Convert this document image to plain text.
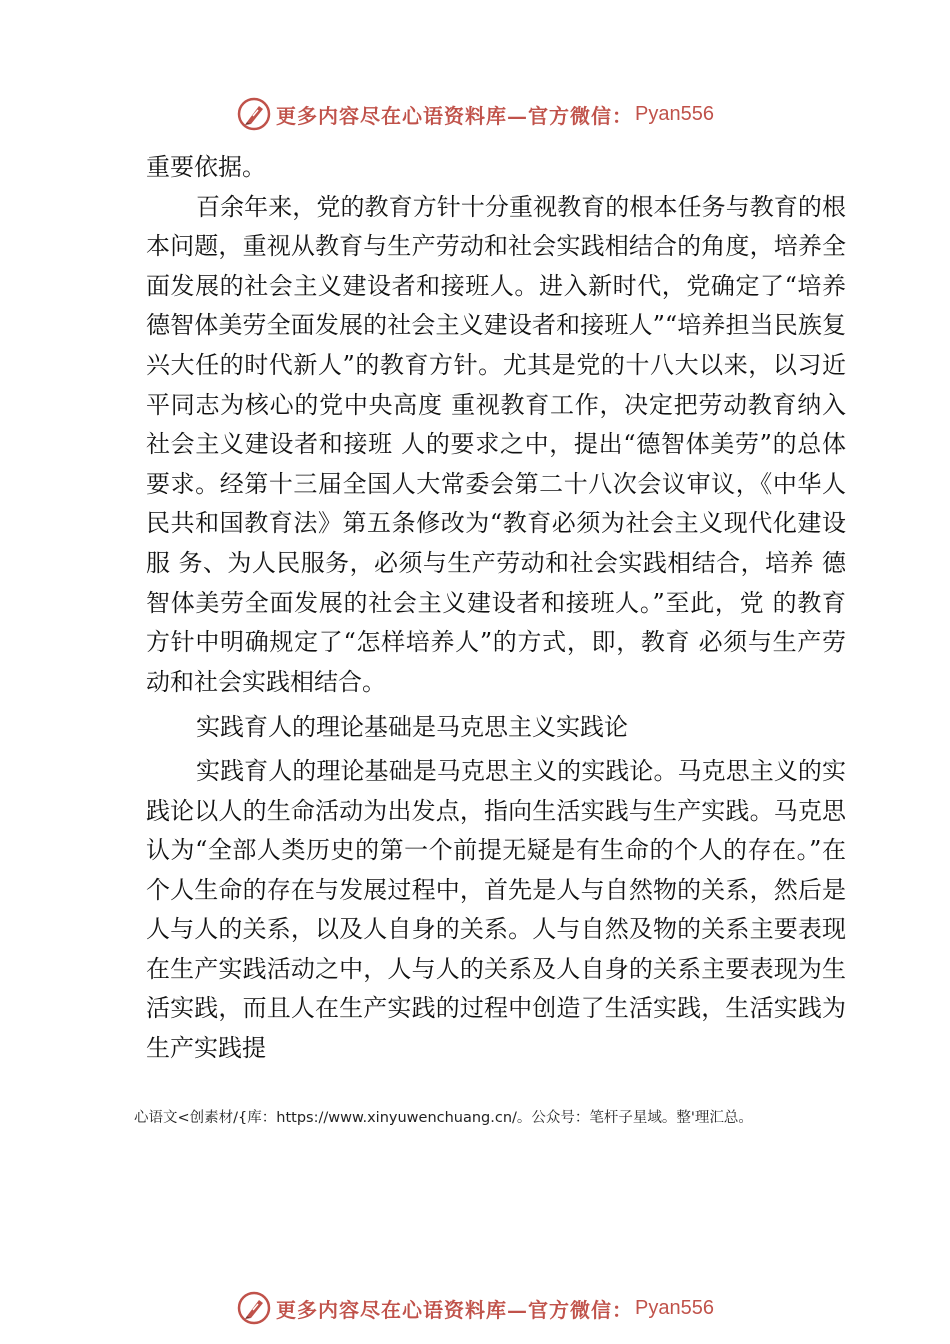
更多内容尽在心语资料库—官方微信： Pyan556

重要依据。

百余年来，党的教育方针十分重视教育的根本任务与教育的根本问题，重视从教育与生产劳动和社会实践相结合的角度，培养全面发展的社会主义建设者和接班人。进入新时代，党确定了“培养德智体美劳全面发展的社会主义建设者和接班人”“培养担当民族复兴大任的时代新人”的教育方针。尤其是党的十八大以来，以习近平同志为核心的党中央高度 重视教育工作，决定把劳动教育纳入社会主义建设者和接班 人的要求之中，提出“德智体美劳”的总体要求。经第十三届全国人大常委会第二十八次会议审议，《中华人民共和国教育法》第五条修改为“教育必须为社会主义现代化建设服 务、为人民服务，必须与生产劳动和社会实践相结合，培养 德智体美劳全面发展的社会主义建设者和接班人。”至此，党 的教育方针中明确规定了“怎样培养人”的方式，即，教育 必须与生产劳动和社会实践相结合。

实践育人的理论基础是马克思主义实践论

实践育人的理论基础是马克思主义的实践论。马克思主义的实践论以人的生命活动为出发点，指向生活实践与生产实践。马克思认为“全部人类历史的第一个前提无疑是有生命的个人的存在。”在个人生命的存在与发展过程中，首先是人与自然物的关系，然后是人与人的关系，以及人自身的关系。人与自然及物的关系主要表现在生产实践活动之中，人与人的关系及人自身的关系主要表现为生活实践，而且人在生产实践的过程中创造了生活实践，生活实践为生产实践提

心语文<创素材/{库：https://www.xinyuwenchuang.cn/。公众号：笔杆子星域。整'理汇总。
更多内容尽在心语资料库—官方微信： Pyan556
